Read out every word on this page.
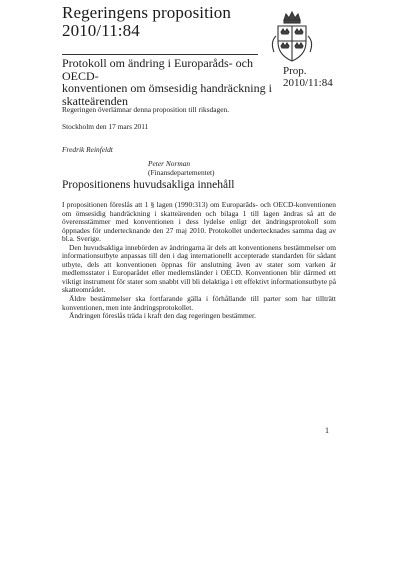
Regeringens proposition
2010/11:84
Protokoll om ändring i Europaråds- och OECD-
konventionen om ömsesidig handräckning i
skatteärenden
Prop.
2010/11:84
Regeringen överlämnar denna proposition till riksdagen.
Stockholm den 17 mars 2011
Fredrik Reinfeldt
Peter Norman
(Finansdepartementet)
Propositionens huvudsakliga innehåll

I propositionen föreslås att 1 § lagen (1990:313) om Europarāds- och OECD-konventionen om ömsesidig handräckning i skatteärenden och bilaga 1 till lagen ändras så att de överensstämmer med konventionen i dess lydelse enligt det ändringsprotokoll som öppnades för undertecknande den 27 maj 2010. Protokollet undertecknades samma dag av bl.a. Sverige.

Den huvudsakliga innebörden av ändringarna är dels att konventionens bestämmelser om informationsutbyte anpassas till den i dag internationellt accepterade standarden för sådant utbyte, dels att konventionen öppnas för anslutning även av stater som varken är medlemsstater i Europarådet eller medlemsländer i OECD. Konventionen blir därmed ett viktigt instrument för stater som snabbt vill bli delaktiga i ett effektivt informationsutbyte på skatteområdet.

Äldre bestämmelser ska fortfarande gälla i förhållande till parter som har tillträtt konventionen, men inte ändringsprotokollet.

Ändringen föreslås träda i kraft den dag regeringen bestämmer.

1
